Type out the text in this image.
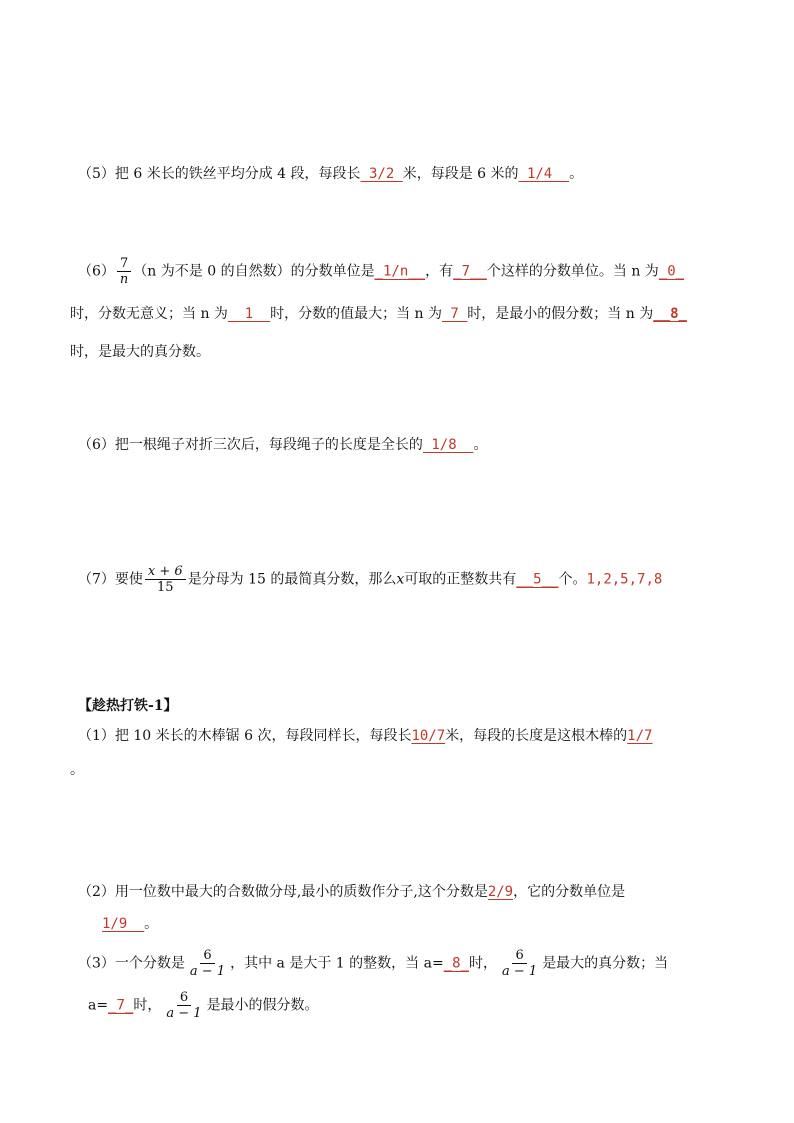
（5）把 6 米长的铁丝平均分成 4 段，每段长_3/2_米，每段是 6 米的_1/4__。
$(6) \frac{7}{n} (n$ 为不是 0 的自然数）的分数单位是_1/n__，有_7__个这样的分数单位。当 n 为_0_
时，分数无意义；当 n 为__1__时，分数的值最大；当 n 为_7_时，是最小的假分数；当 n 为__8_
时，是最大的真分数。
（6）把一根绳子对折三次后，每段绳子的长度是全长的_1/8__。
（7）要使 $\frac{x + 6}{15}$ 是分母为 15 的最简真分数，那么x可取的正整数共有__5__个。1,2,5,7,8
【趁热打铁-1】
（1）把 10 米长的木棒锯 6 次，每段同样长，每段长10/7米，每段的长度是这根木棒的1/7
。
（2）用一位数中最大的合数做分母,最小的质数作分子,这个分数是2/9，它的分数单位是
1/9__。
（3）一个分数是 $\frac{6}{a - 1}$ ，其中 a 是大于 1 的整数，当 a=_8_时， $\frac{6}{a - 1}$ 是最大的真分数；当
a=_7_时， $\frac{6}{a - 1}$ 是最小的假分数。
